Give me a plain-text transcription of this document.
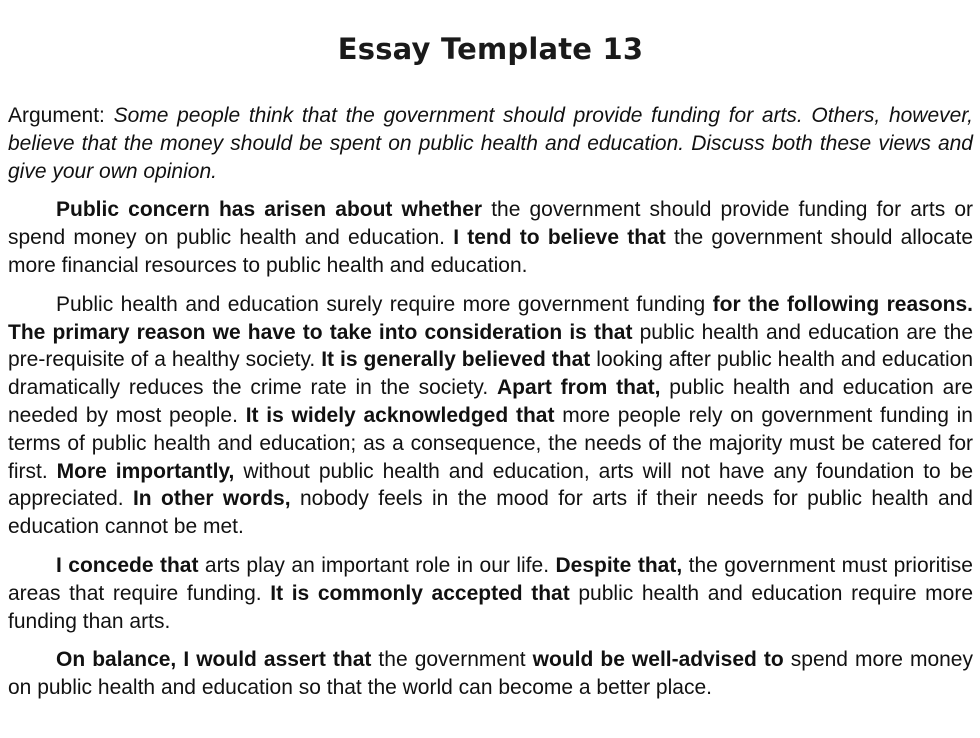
Essay Template 13

Argument: Some people think that the government should provide funding for arts. Others, however, believe that the money should be spent on public health and education. Discuss both these views and give your own opinion.

Public concern has arisen about whether the government should provide funding for arts or spend money on public health and education. I tend to believe that the government should allocate more financial resources to public health and education.

Public health and education surely require more government funding for the following reasons. The primary reason we have to take into consideration is that public health and education are the pre-requisite of a healthy society. It is generally believed that looking after public health and education dramatically reduces the crime rate in the society. Apart from that, public health and education are needed by most people. It is widely acknowledged that more people rely on government funding in terms of public health and education; as a consequence, the needs of the majority must be catered for first. More importantly, without public health and education, arts will not have any foundation to be appreciated. In other words, nobody feels in the mood for arts if their needs for public health and education cannot be met.

I concede that arts play an important role in our life. Despite that, the government must prioritise areas that require funding. It is commonly accepted that public health and education require more funding than arts.

On balance, I would assert that the government would be well-advised to spend more money on public health and education so that the world can become a better place.
